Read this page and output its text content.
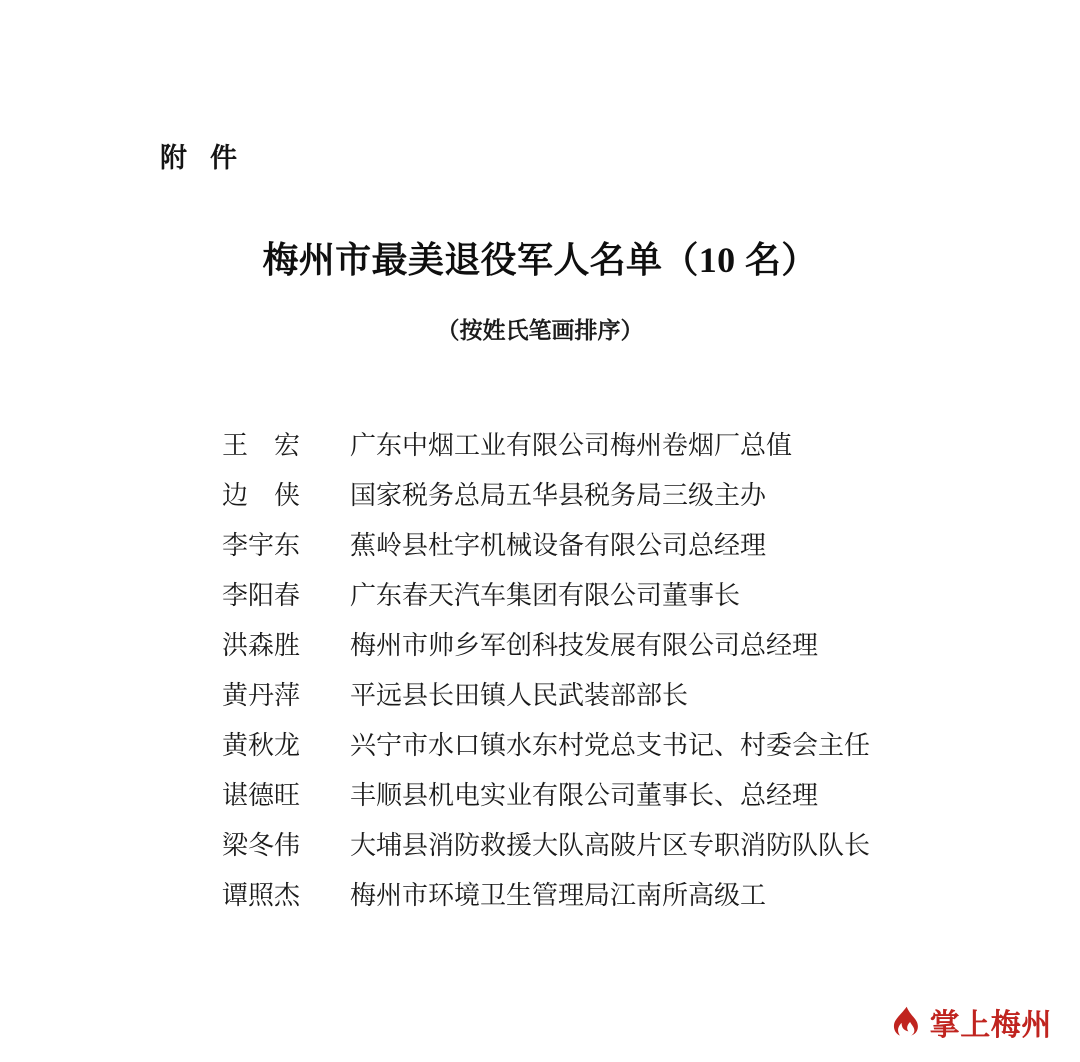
附 件
梅州市最美退役军人名单（10 名）
（按姓氏笔画排序）
王　宏	广东中烟工业有限公司梅州卷烟厂总值
边　侠	国家税务总局五华县税务局三级主办
李宇东	蕉岭县杜字机械设备有限公司总经理
李阳春	广东春天汽车集团有限公司董事长
洪森胜	梅州市帅乡军创科技发展有限公司总经理
黄丹萍	平远县长田镇人民武装部部长
黄秋龙	兴宁市水口镇水东村党总支书记、村委会主任
谌德旺	丰顺县机电实业有限公司董事长、总经理
梁冬伟	大埔县消防救援大队高陂片区专职消防队队长
谭照杰	梅州市环境卫生管理局江南所高级工
掌上梅州
